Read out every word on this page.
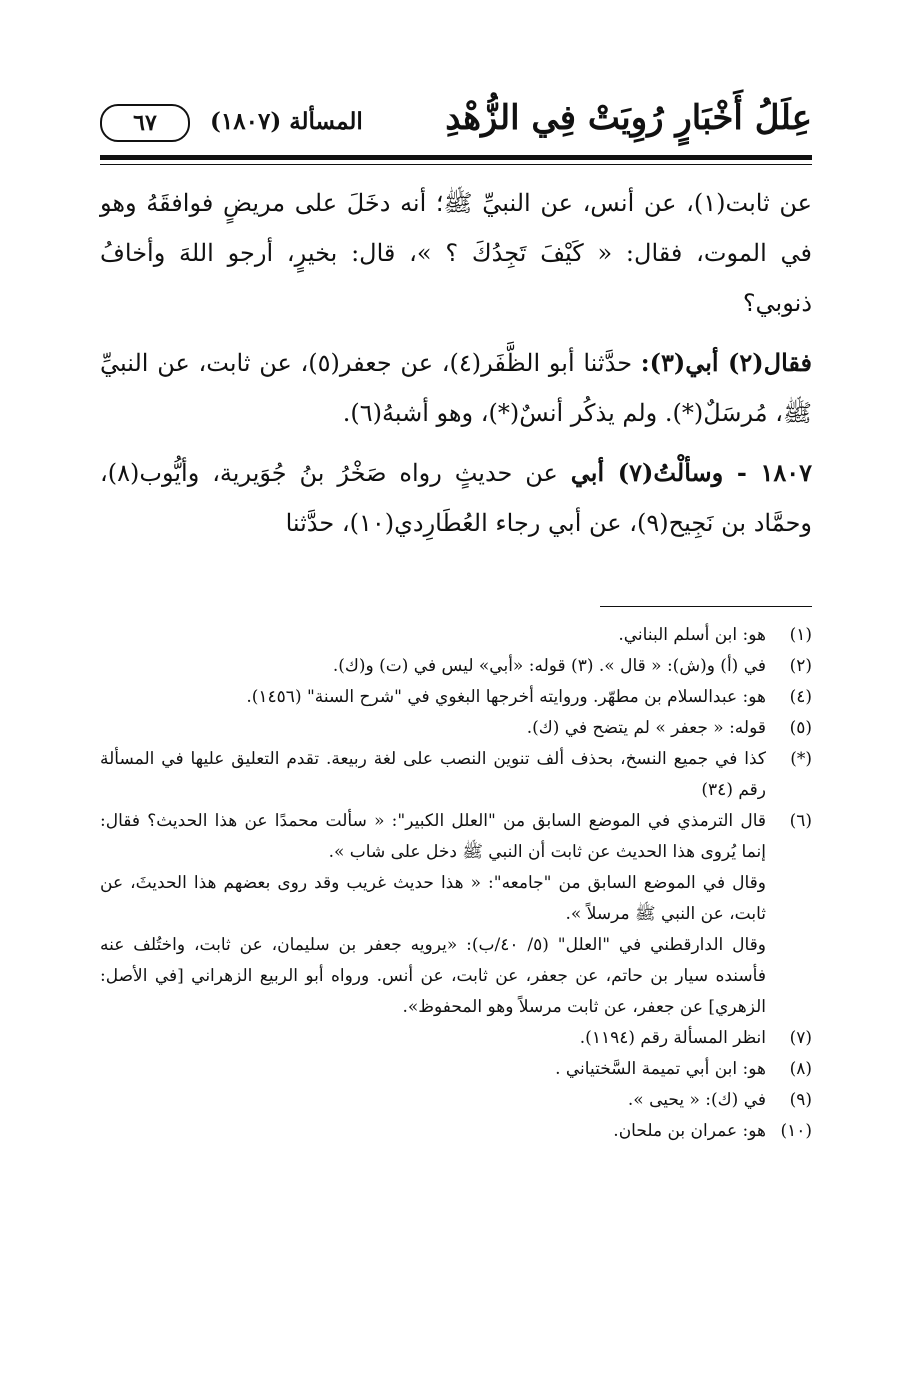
عِلَلُ أَخْبَارٍ رُوِيَتْ فِي الزُّهْدِ
المسألة (١٨٠٧)
٦٧

عن ثابت(١)، عن أنس، عن النبيِّ ﷺ؛ أنه دخَلَ على مريضٍ فوافقَهُ وهو في الموت، فقال: « كَيْفَ تَجِدُكَ ؟ »، قال: بخيرٍ، أرجو اللهَ وأخافُ ذنوبي؟

فقال(٢) أبي(٣): حدَّثنا أبو الظَّفَر(٤)، عن جعفر(٥)، عن ثابت، عن النبيِّ ﷺ، مُرسَلٌ(*). ولم يذكُر أنسٌ(*)، وهو أشبهُ(٦).

١٨٠٧ - وسألْتُ(٧) أبي عن حديثٍ رواه صَخْرُ بنُ جُوَيرية، وأيُّوب(٨)، وحمَّاد بن نَجِيح(٩)، عن أبي رجاء العُطَارِدي(١٠)، حدَّثنا

(١)
هو: ابن أسلم البناني.
(٢)
في (أ) و(ش): « قال ». (٣) قوله: «أبي» ليس في (ت) و(ك).
(٤)
هو: عبدالسلام بن مطهّر. وروايته أخرجها البغوي في "شرح السنة" (١٤٥٦).
(٥)
قوله: « جعفر » لم يتضح في (ك).
(*)
كذا في جميع النسخ، بحذف ألف تنوين النصب على لغة ربيعة. تقدم التعليق عليها في المسألة رقم (٣٤)
(٦)
قال الترمذي في الموضع السابق من "العلل الكبير": « سألت محمدًا عن هذا الحديث؟ فقال: إنما يُروى هذا الحديث عن ثابت أن النبي ﷺ دخل على شاب ».
وقال في الموضع السابق من "جامعه": « هذا حديث غريب وقد روى بعضهم هذا الحديثَ، عن ثابت، عن النبي ﷺ مرسلاً ».
وقال الدارقطني في "العلل" (٥/ ٤٠/ب): «يرويه جعفر بن سليمان، عن ثابت، واختُلف عنه فأسنده سيار بن حاتم، عن جعفر، عن ثابت، عن أنس. ورواه أبو الربيع الزهراني [في الأصل: الزهري] عن جعفر، عن ثابت مرسلاً وهو المحفوظ».
(٧)
انظر المسألة رقم (١١٩٤).
(٨)
هو: ابن أبي تميمة السَّختياني .
(٩)
في (ك): « يحيى ».
(١٠)
هو: عمران بن ملحان.
